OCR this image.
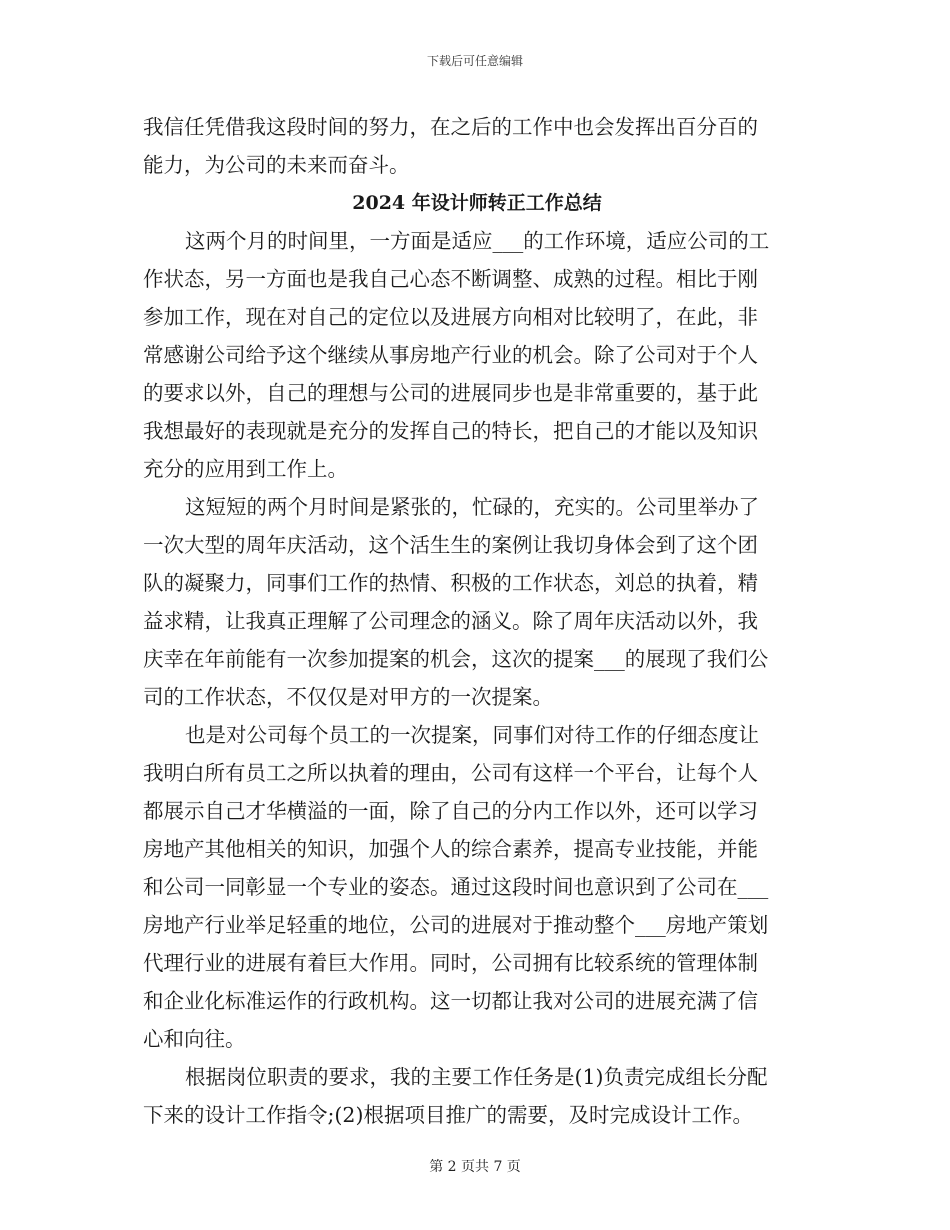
下载后可任意编辑
我信任凭借我这段时间的努力，在之后的工作中也会发挥出百分百的
能力，为公司的未来而奋斗。
2024 年设计师转正工作总结
这两个月的时间里，一方面是适应___的工作环境，适应公司的工
作状态，另一方面也是我自己心态不断调整、成熟的过程。相比于刚
参加工作，现在对自己的定位以及进展方向相对比较明了，在此，非
常感谢公司给予这个继续从事房地产行业的机会。除了公司对于个人
的要求以外，自己的理想与公司的进展同步也是非常重要的，基于此
我想最好的表现就是充分的发挥自己的特长，把自己的才能以及知识
充分的应用到工作上。
这短短的两个月时间是紧张的，忙碌的，充实的。公司里举办了
一次大型的周年庆活动，这个活生生的案例让我切身体会到了这个团
队的凝聚力，同事们工作的热情、积极的工作状态，刘总的执着，精
益求精，让我真正理解了公司理念的涵义。除了周年庆活动以外，我
庆幸在年前能有一次参加提案的机会，这次的提案___的展现了我们公
司的工作状态，不仅仅是对甲方的一次提案。
也是对公司每个员工的一次提案，同事们对待工作的仔细态度让
我明白所有员工之所以执着的理由，公司有这样一个平台，让每个人
都展示自己才华横溢的一面，除了自己的分内工作以外，还可以学习
房地产其他相关的知识，加强个人的综合素养，提高专业技能，并能
和公司一同彰显一个专业的姿态。通过这段时间也意识到了公司在___
房地产行业举足轻重的地位，公司的进展对于推动整个___房地产策划
代理行业的进展有着巨大作用。同时，公司拥有比较系统的管理体制
和企业化标准运作的行政机构。这一切都让我对公司的进展充满了信
心和向往。
根据岗位职责的要求，我的主要工作任务是(1)负责完成组长分配
下来的设计工作指令;(2)根据项目推广的需要，及时完成设计工作。
第 2 页共 7 页
